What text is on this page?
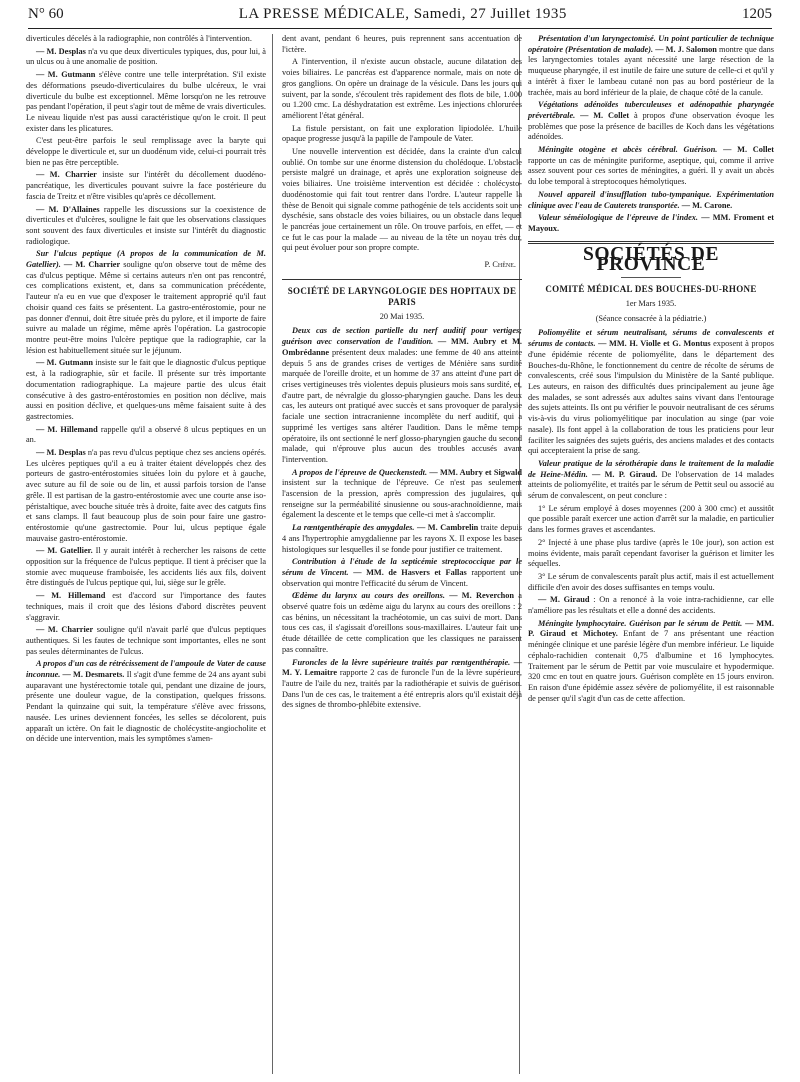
N° 60	LA PRESSE MÉDICALE, Samedi, 27 Juillet 1935	1205

diverticules décelés à la radiographie, non contrôlés à l'intervention.

— M. Desplas n'a vu que deux diverticules typiques, dus, pour lui, à un ulcus ou à une anomalie de position.

— M. Gutmann s'élève contre une telle interprétation. S'il existe des déformations pseudo-diverticulaires du bulbe ulcéreux, le vrai diverticule du bulbe est exceptionnel. Même lorsqu'on ne les retrouve pas pendant l'opération, il peut s'agir tout de même de vrais diverticules. Le niveau liquide n'est pas aussi caractéristique qu'on le croit. Il peut exister dans les plicatures.

C'est peut-être parfois le seul remplissage avec la baryte qui développe le diverticule et, sur un duodénum vide, celui-ci pourrait très bien ne pas être perceptible.

— M. Charrier insiste sur l'intérêt du décollement duodéno-pancréatique, les diverticules pouvant suivre la face postérieure du fascia de Treitz et n'être visibles qu'après ce décollement.

— M. D'Allaines rappelle les discussions sur la coexistence de diverticules et d'ulcères, souligne le fait que les observations classiques sont souvent des faux diverticules et insiste sur l'intérêt du diagnostic radiologique.

Sur l'ulcus peptique (A propos de la communication de M. Gatellier). — M. Charrier souligne qu'on observe tout de même des cas d'ulcus peptique. Même si certains auteurs n'en ont pas rencontré, ces complications existent, et, dans sa communication précédente, l'auteur n'a eu en vue que d'exposer le traitement approprié qu'il faut choisir quand ces faits se présentent. La gastro-entérostomie, pour ne pas donner d'ennui, doit être située près du pylore, et il importe de faire suivre au malade un régime, même après l'opération. La gastrocopie montre peut-être moins l'ulcère peptique que la radiographie, car la lésion est habituellement située sur le jéjunum.

— M. Gutmann insiste sur le fait que le diagnostic d'ulcus peptique est, à la radiographie, sûr et facile. Il présente sur très importante documentation radiographique. La majeure partie des ulcus était consécutive à des gastro-entérostomies en position non déclive, mais aussi en position déclive, et quelques-uns même faisaient suite à des gastrectomies.

— M. Hillemand rappelle qu'il a observé 8 ulcus peptiques en un an.

— M. Desplas n'a pas revu d'ulcus peptique chez ses anciens opérés. Les ulcères peptiques qu'il a eu à traiter étaient développés chez des porteurs de gastro-entérostomies situées loin du pylore et à gauche, avec suture au fil de soie ou de lin, et aussi parfois torsion de l'anse grêle. Il est partisan de la gastro-entérostomie avec une courte anse iso-péristaltique, avec bouche située très à droite, faite avec des catguts fins et sans clamps. Il faut beaucoup plus de soin pour faire une gastro-entérostomie qu'une gastrectomie. Pour lui, ulcus peptique égale mauvaise gastro-entérostomie.

— M. Gatellier. Il y aurait intérêt à rechercher les raisons de cette opposition sur la fréquence de l'ulcus peptique. Il tient à préciser que la stomie avec muqueuse framboisée, les accidents liés aux fils, doivent être distingués de l'ulcus peptique qui, lui, siège sur le grêle.

— M. Hillemand est d'accord sur l'importance des fautes techniques, mais il croit que des lésions d'abord discrètes peuvent s'aggravir.

— M. Charrier souligne qu'il n'avait parlé que d'ulcus peptiques authentiques. Si les fautes de technique sont importantes, elles ne sont pas seules déterminantes de l'ulcus.

A propos d'un cas de rétrécissement de l'ampoule de Vater de cause inconnue. — M. Desmarets. Il s'agit d'une femme de 24 ans ayant subi auparavant une hystérectomie totale qui, pendant une dizaine de jours, présente une douleur vague, de la constipation, quelques frissons. Pendant la quinzaine qui suit, la température s'élève avec frissons, nausée. Les urines deviennent foncées, les selles se décolorent, puis apparaît un ictère. On fait le diagnostic de cholécystite-angiocholite et on décide une intervention, mais les symptômes s'amen-

dent avant, pendant 6 heures, puis reprennent sans accentuation de l'ictère.

A l'intervention, il n'existe aucun obstacle, aucune dilatation des voies biliaires. Le pancréas est d'apparence normale, mais on note de gros ganglions. On opère un drainage de la vésicule. Dans les jours qui suivent, par la sonde, s'écoulent très rapidement des flots de bile, 1.000 ou 1.200 cmc. La déshydratation est extrême. Les injections chlorurées améliorent l'état général.

La fistule persistant, on fait une exploration lipiodolée. L'huile opaque progresse jusqu'à la papille de l'ampoule de Vater.

Une nouvelle intervention est décidée, dans la crainte d'un calcul oublié. On tombe sur une énorme distension du cholédoque. L'obstacle persiste malgré un drainage, et après une exploration soigneuse des voies biliaires. Une troisième intervention est décidée : cholécysto-duodénostomie qui fait tout rentrer dans l'ordre. L'auteur rappelle la thèse de Benoit qui signale comme pathogénie de tels accidents soit une dyschésie, sans obstacle des voies biliaires, ou un obstacle dans lequel le pancréas joue certainement un rôle. On trouve parfois, en effet, — et ce fut le cas pour la malade — au niveau de la tête un noyau très dur, qui peut évoluer pour son propre compte.

P. Chêne.
SOCIÉTÉ DE LARYNGOLOGIE DES HOPITAUX DE PARIS
20 Mai 1935.

Deux cas de section partielle du nerf auditif pour vertiges; guérison avec conservation de l'audition. — MM. Aubry et M. Ombrédanne présentent deux malades: une femme de 40 ans atteinte depuis 5 ans de grandes crises de vertiges de Ménière sans surdité marquée de l'oreille droite, et un homme de 37 ans atteint d'une part de crises vertigineuses très violentes depuis plusieurs mois sans surdité, et, d'autre part, de névralgie du glosso-pharyngien gauche. Dans les deux cas, les auteurs ont pratiqué avec succès et sans provoquer de paralysie faciale une section intracranienne incomplète du nerf auditif, qui a supprimé les vertiges sans altérer l'audition. Dans le même temps opératoire, ils ont sectionné le nerf glosso-pharyngien gauche du second malade, qui n'éprouve plus aucun des troubles accusés avant l'intervention.

A propos de l'épreuve de Queckenstedt. — MM. Aubry et Sigwald insistent sur la technique de l'épreuve. Ce n'est pas seulement l'ascension de la pression, après compression des jugulaires, qui renseigne sur la perméabilité sinusienne ou sous-arachnoïdienne, mais également la descente et le temps que celle-ci met à s'accomplir.

La rœntgenthérapie des amygdales. — M. Cambrelin traite depuis 4 ans l'hypertrophie amygdalienne par les rayons X. Il expose les bases histologiques sur lesquelles il se fonde pour justifier ce traitement.

Contribution à l'étude de la septicémie streptococcique par le sérum de Vincent. — MM. de Hasvers et Fallas rapportent une observation qui montre l'efficacité du sérum de Vincent.

Œdème du larynx au cours des oreillons. — M. Reverchon a observé quatre fois un œdème aigu du larynx au cours des oreillons : 2 cas bénins, un nécessitant la trachéotomie, un cas suivi de mort. Dans tous ces cas, il s'agissait d'oreillons sous-maxillaires. L'auteur fait une étude détaillée de cette complication que les classiques ne paraissent pas connaître.

Furoncles de la lèvre supérieure traités par rœntgenthérapie. — M. Y. Lemaitre rapporte 2 cas de furoncle l'un de la lèvre supérieure, l'autre de l'aile du nez, traités par la radiothérapie et suivis de guérison. Dans l'un de ces cas, le traitement a été entrepris alors qu'il existait déjà des signes de thrombo-phlébite extensive.

Présentation d'un laryngectomisé. Un point particulier de technique opératoire (Présentation de malade). — M. J. Salomon montre que dans les laryngectomies totales ayant nécessité une large résection de la muqueuse pharyngée, il est inutile de faire une suture de celle-ci et qu'il y a intérêt à fixer le lambeau cutané non pas au bord postérieur de la trachée, mais au bord inférieur de la plaie, de chaque côté de la canule.

Végétations adénoïdes tuberculeuses et adénopathie pharyngée prévertébrale. — M. Collet à propos d'une observation évoque les problèmes que pose la présence de bacilles de Koch dans les végétations adénoïdes.

Méningite otogène et abcès cérébral. Guérison. — M. Collet rapporte un cas de méningite puriforme, aseptique, qui, comme il arrive assez souvent pour ces sortes de méningites, a guéri. Il y avait un abcès du lobe temporal à streptocoques hémolytiques.

Nouvel appareil d'insufflation tubo-tympanique. Expérimentation clinique avec l'eau de Cauterets transportée. — M. Carone.

Valeur séméiologique de l'épreuve de l'index. — MM. Froment et Mayoux.

SOCIÉTÉS DE PROVINCE
COMITÉ MÉDICAL DES BOUCHES-DU-RHONE
1er Mars 1935.
(Séance consacrée à la pédiatrie.)

Poliomyélite et sérum neutralisant, sérums de convalescents et sérums de contacts. — MM. H. Violle et G. Montus exposent à propos d'une épidémie récente de poliomyélite, dans le département des Bouches-du-Rhône, le fonctionnement du centre de récolte de sérums de convalescents, créé sous l'impulsion du Ministère de la Santé publique. Les auteurs, en raison des difficultés dues principalement au jeune âge des malades, se sont adressés aux adultes sains vivant dans l'entourage des sujets atteints. Ils ont pu vérifier le pouvoir neutralisant de ces sérums vis-à-vis du virus poliomyélitique par inoculation au singe (par voie nasale). Ils font appel à la collaboration de tous les praticiens pour leur faciliter les saignées des sujets guéris, des anciens malades et des contacts qui accepteraient la prise de sang.

Valeur pratique de la sérothérapie dans le traitement de la maladie de Heine-Médin. — M. P. Giraud. De l'observation de 14 malades atteints de poliomyélite, et traités par le sérum de Pettit seul ou associé au sérum de convalescent, on peut conclure :

1° Le sérum employé à doses moyennes (200 à 300 cmc) et aussitôt que possible paraît exercer une action d'arrêt sur la maladie, en particulier dans les formes graves et ascendantes.

2° Injecté à une phase plus tardive (après le 10e jour), son action est moins évidente, mais paraît cependant favoriser la guérison et limiter les séquelles.

3° Le sérum de convalescents paraît plus actif, mais il est actuellement difficile d'en avoir des doses suffisantes en temps voulu.

— M. Giraud : On a renoncé à la voie intra-rachidienne, car elle n'améliore pas les résultats et elle a donné des accidents.

Méningite lymphocytaire. Guérison par le sérum de Pettit. — MM. P. Giraud et Michotey. Enfant de 7 ans présentant une réaction méningée clinique et une parésie légère d'un membre inférieur. Le liquide céphalo-rachidien contenait 0,75 d'albumine et 16 lymphocytes. Traitement par le sérum de Pettit par voie musculaire et hypodermique. 320 cmc en tout en quatre jours. Guérison complète en 15 jours environ. En raison d'une épidémie assez sévère de poliomyélite, il est raisonnable de penser qu'il s'agit d'un cas de cette affection.
